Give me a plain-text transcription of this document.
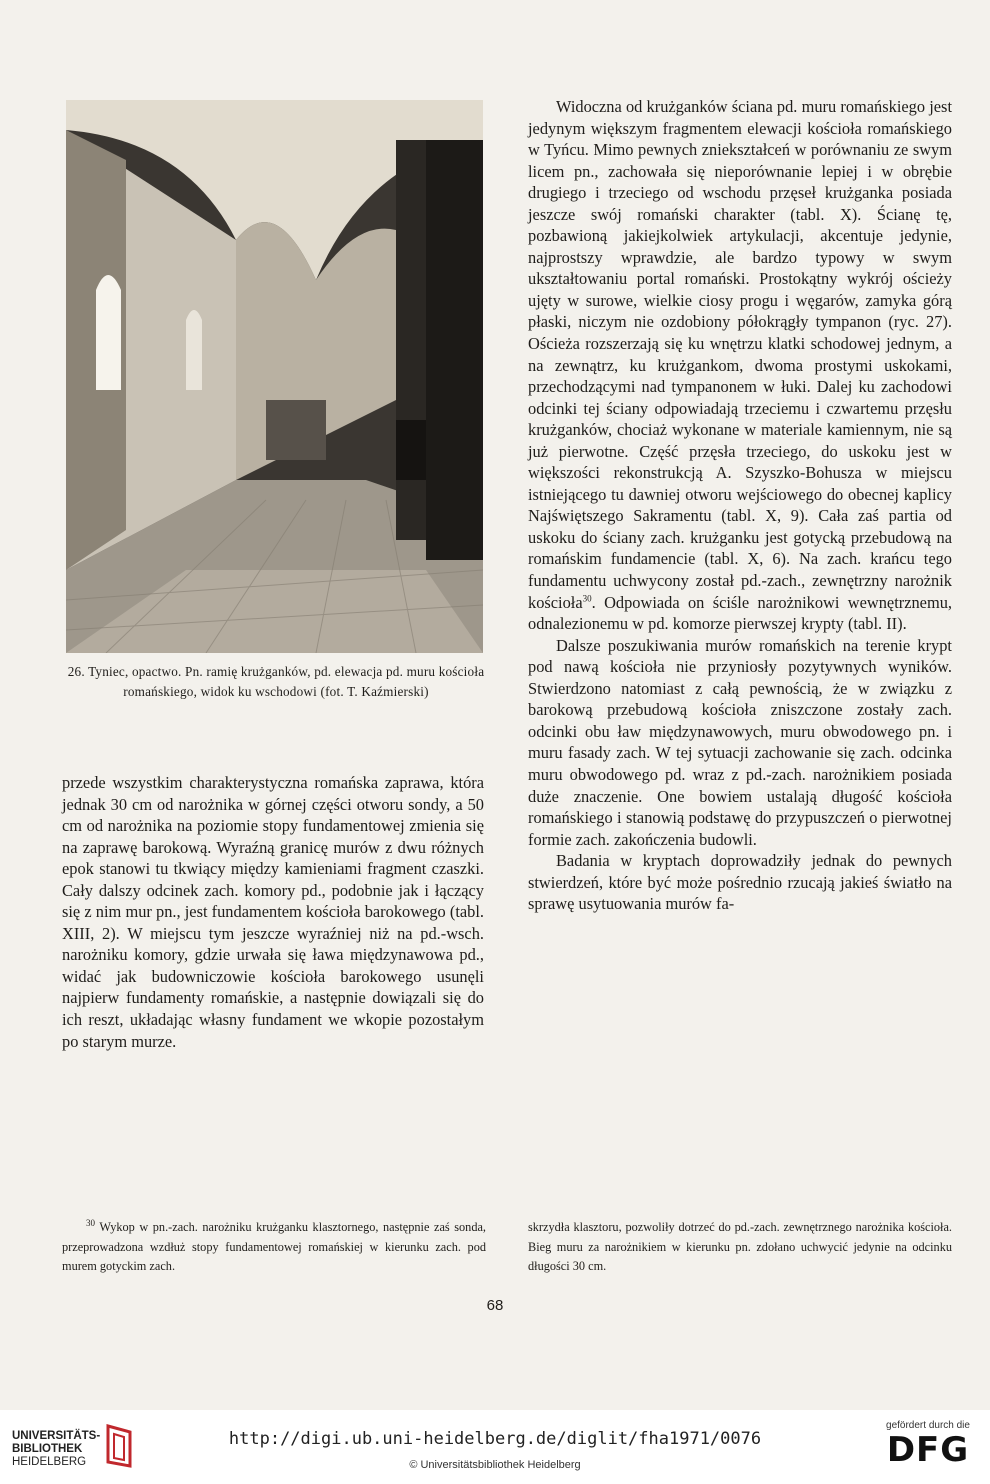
26. Tyniec, opactwo. Pn. ramię krużganków, pd. elewacja pd. muru kościoła romańskiego, widok ku wschodowi (fot. T. Kaźmierski)

przede wszystkim charakterystyczna romańska zaprawa, która jednak 30 cm od narożnika w górnej części otworu sondy, a 50 cm od narożnika na poziomie stopy fundamentowej zmienia się na zaprawę barokową. Wyraźną granicę murów z dwu różnych epok stanowi tu tkwiący między kamieniami fragment czaszki. Cały dalszy odcinek zach. komory pd., podobnie jak i łączący się z nim mur pn., jest fundamentem kościoła barokowego (tabl. XIII, 2). W miejscu tym jeszcze wyraźniej niż na pd.-wsch. narożniku komory, gdzie urwała się ława międzynawowa pd., widać jak budowniczowie kościoła barokowego usunęli najpierw fundamenty romańskie, a następnie dowiązali się do ich reszt, układając własny fundament we wkopie pozostałym po starym murze.

Widoczna od krużganków ściana pd. muru romańskiego jest jedynym większym fragmentem elewacji kościoła romańskiego w Tyńcu. Mimo pewnych zniekształceń w porównaniu ze swym licem pn., zachowała się nieporównanie lepiej i w obrębie drugiego i trzeciego od wschodu przęseł krużganka posiada jeszcze swój romański charakter (tabl. X). Ścianę tę, pozbawioną jakiejkolwiek artykulacji, akcentuje jedynie, najprostszy wprawdzie, ale bardzo typowy w swym ukształtowaniu portal romański. Prostokątny wykrój ościeży ujęty w surowe, wielkie ciosy progu i węgarów, zamyka górą płaski, niczym nie ozdobiony półokrągły tympanon (ryc. 27). Ościeża rozszerzają się ku wnętrzu klatki schodowej jednym, a na zewnątrz, ku krużgankom, dwoma prostymi uskokami, przechodzącymi nad tympanonem w łuki. Dalej ku zachodowi odcinki tej ściany odpowiadają trzeciemu i czwartemu przęsłu krużganków, chociaż wykonane w materiale kamiennym, nie są już pierwotne. Część przęsła trzeciego, do uskoku jest w większości rekonstrukcją A. Szyszko-Bohusza w miejscu istniejącego tu dawniej otworu wejściowego do obecnej kaplicy Najświętszego Sakramentu (tabl. X, 9). Cała zaś partia od uskoku do ściany zach. krużganku jest gotycką przebudową na romańskim fundamencie (tabl. X, 6). Na zach. krańcu tego fundamentu uchwycony został pd.-zach., zewnętrzny narożnik kościoła$^{30}$. Odpowiada on ściśle narożnikowi wewnętrznemu, odnalezionemu w pd. komorze pierwszej krypty (tabl. II).

Dalsze poszukiwania murów romańskich na terenie krypt pod nawą kościoła nie przyniosły pozytywnych wyników. Stwierdzono natomiast z całą pewnością, że w związku z barokową przebudową kościoła zniszczone zostały zach. odcinki obu ław międzynawowych, muru obwodowego pn. i muru fasady zach. W tej sytuacji zachowanie się zach. odcinka muru obwodowego pd. wraz z pd.-zach. narożnikiem posiada duże znaczenie. One bowiem ustalają długość kościoła romańskiego i stanowią podstawę do przypuszczeń o pierwotnej formie zach. zakończenia budowli.

Badania w kryptach doprowadziły jednak do pewnych stwierdzeń, które być może pośrednio rzucają jakieś światło na sprawę usytuowania murów fa-

$^{30}$ Wykop w pn.-zach. narożniku krużganku klasztornego, następnie zaś sonda, przeprowadzona wzdłuż stopy fundamentowej romańskiej w kierunku zach. pod murem gotyckim zach.

skrzydła klasztoru, pozwoliły dotrzeć do pd.-zach. zewnętrznego narożnika kościoła. Bieg muru za narożnikiem w kierunku pn. zdołano uchwycić jedynie na odcinku długości 30 cm.

68
UNIVERSITÄTS-
BIBLIOTHEK
HEIDELBERG
http://digi.ub.uni-heidelberg.de/diglit/fha1971/0076
© Universitätsbibliothek Heidelberg
gefördert durch die
DFG
